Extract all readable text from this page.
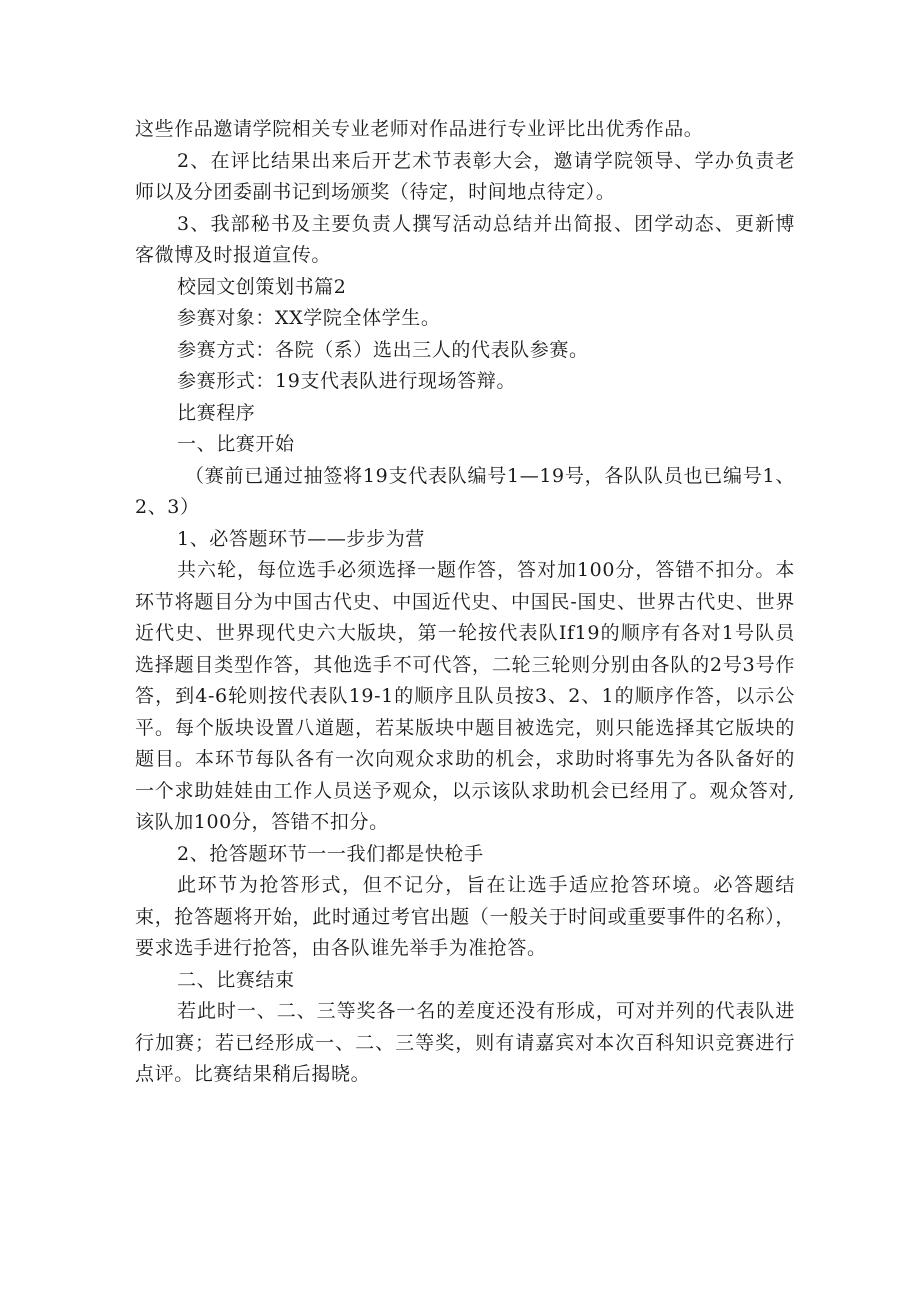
这些作品邀请学院相关专业老师对作品进行专业评比出优秀作品。

2、在评比结果出来后开艺术节表彰大会，邀请学院领导、学办负责老师以及分团委副书记到场颁奖（待定，时间地点待定）。

3、我部秘书及主要负责人撰写活动总结并出简报、团学动态、更新博客微博及时报道宣传。

校园文创策划书篇2

参赛对象：XX学院全体学生。

参赛方式：各院（系）选出三人的代表队参赛。

参赛形式：19支代表队进行现场答辩。

比赛程序

一、比赛开始

（赛前已通过抽签将19支代表队编号1—19号，各队队员也已编号1、2、3）

1、必答题环节——步步为营

共六轮，每位选手必须选择一题作答，答对加100分，答错不扣分。本环节将题目分为中国古代史、中国近代史、中国民-国史、世界古代史、世界近代史、世界现代史六大版块，第一轮按代表队If19的顺序有各对1号队员选择题目类型作答，其他选手不可代答，二轮三轮则分别由各队的2号3号作答，到4-6轮则按代表队19-1的顺序且队员按3、2、1的顺序作答，以示公平。每个版块设置八道题，若某版块中题目被选完，则只能选择其它版块的题目。本环节每队各有一次向观众求助的机会，求助时将事先为各队备好的一个求助娃娃由工作人员送予观众，以示该队求助机会已经用了。观众答对,该队加100分，答错不扣分。

2、抢答题环节一一我们都是快枪手

此环节为抢答形式，但不记分，旨在让选手适应抢答环境。必答题结束，抢答题将开始，此时通过考官出题（一般关于时间或重要事件的名称），要求选手进行抢答，由各队谁先举手为准抢答。

二、比赛结束

若此时一、二、三等奖各一名的差度还没有形成，可对并列的代表队进行加赛；若已经形成一、二、三等奖，则有请嘉宾对本次百科知识竞赛进行点评。比赛结果稍后揭晓。
